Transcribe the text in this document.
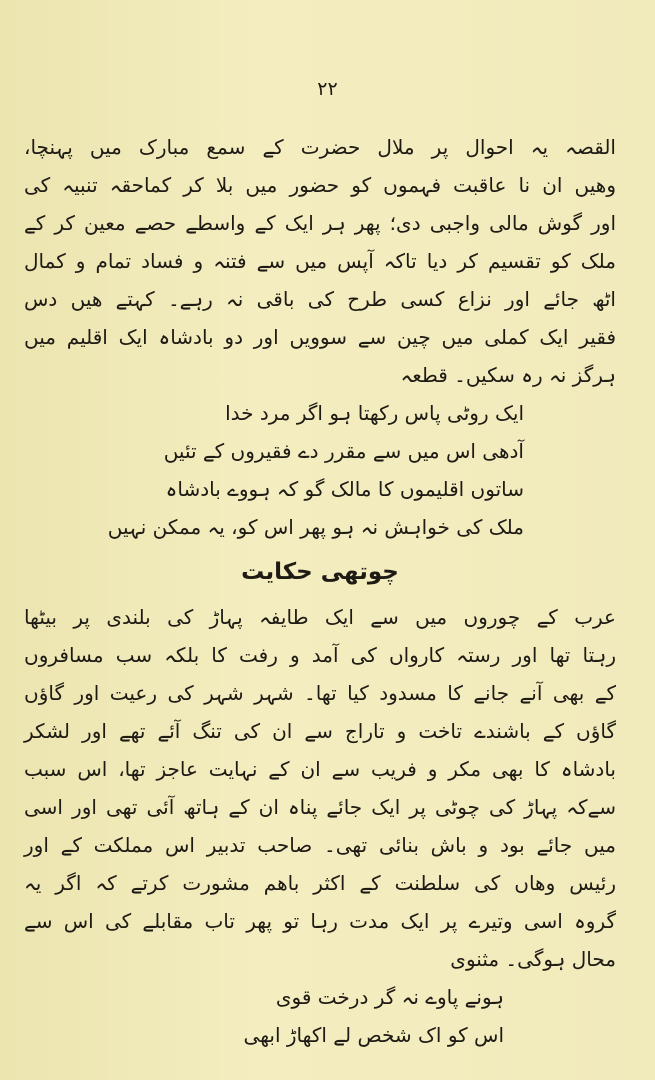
۲۲
القصہ یہ احوال پر ملال حضرت کے سمع مبارک میں پہنچا،
وھیں ان نا عاقبت فہموں کو حضور میں بلا کر کماحقہ تنبیہ کی
اور گوش مالی واجبی دی؛ پھر ہر ایک کے واسطے حصے معین کر کے
ملک کو تقسیم کر دیا تاکہ آپس میں سے فتنہ و فساد تمام و کمال
اٹھ جائے اور نزاع کسی طرح کی باقی نہ رہے۔ کہتے ھیں دس
فقیر ایک کملی میں چین سے سوویں اور دو بادشاہ ایک اقلیم میں
ہرگز نہ رہ سکیں۔ قطعہ
ایک روٹی پاس رکھتا ہو اگر مرد خدا
آدھی اس میں سے مقرر دے فقیروں کے تئیں
ساتوں اقلیموں کا مالک گو کہ ہووے بادشاہ
ملک کی خواہش نہ ہو پھر اس کو، یہ ممکن نہیں
چوتھی حکایت
عرب کے چوروں میں سے ایک طایفہ پہاڑ کی بلندی پر بیٹھا
رہتا تھا اور رستہ کارواں کی آمد و رفت کا بلکہ سب مسافروں
کے بھی آنے جانے کا مسدود کیا تھا۔ شہر شہر کی رعیت اور گاؤں
گاؤں کے باشندے تاخت و تاراج سے ان کی تنگ آئے تھے اور لشکر
بادشاہ کا بھی مکر و فریب سے ان کے نہایت عاجز تھا، اس سبب
سےکہ پہاڑ کی چوٹی پر ایک جائے پناہ ان کے ہاتھ آئی تھی اور اسی
میں جائے بود و باش بنائی تھی۔ صاحب تدبیر اس مملکت کے اور
رئیس وھاں کی سلطنت کے اکثر باھم مشورت کرتے کہ اگر یہ
گروہ اسی وتیرے پر ایک مدت رہا تو پھر تاب مقابلے کی اس سے
محال ہوگی۔ مثنوی
ہونے پاوے نہ گر درخت قوی
اس کو اک شخص لے اکھاڑ ابھی
